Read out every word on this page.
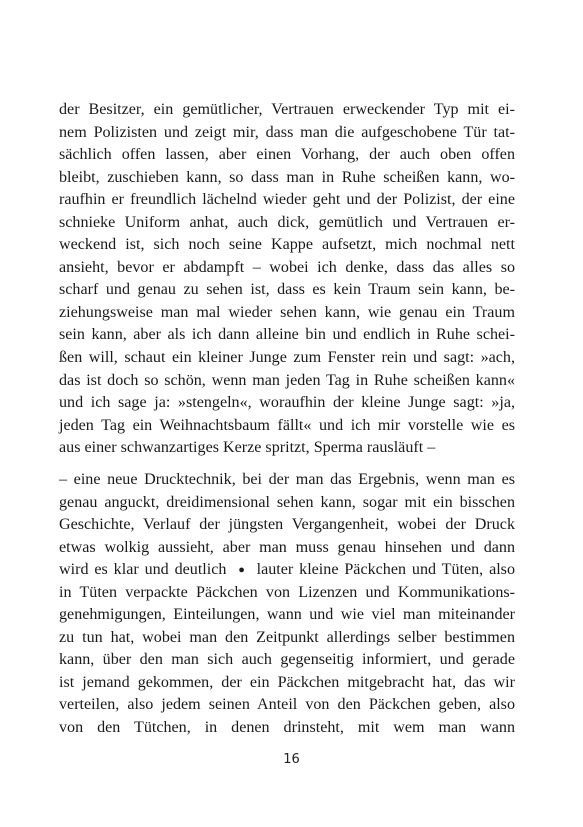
der Besitzer, ein gemütlicher, Vertrauen erweckender Typ mit ei-
nem Polizisten und zeigt mir, dass man die aufgeschobene Tür tat-
sächlich offen lassen, aber einen Vorhang, der auch oben offen
bleibt, zuschieben kann, so dass man in Ruhe scheißen kann, wo-
raufhin er freundlich lächelnd wieder geht und der Polizist, der eine
schnieke Uniform anhat, auch dick, gemütlich und Vertrauen er-
weckend ist, sich noch seine Kappe aufsetzt, mich nochmal nett
ansieht, bevor er abdampft – wobei ich denke, dass das alles so
scharf und genau zu sehen ist, dass es kein Traum sein kann, be-
ziehungsweise man mal wieder sehen kann, wie genau ein Traum
sein kann, aber als ich dann alleine bin und endlich in Ruhe schei-
ßen will, schaut ein kleiner Junge zum Fenster rein und sagt: »ach,
das ist doch so schön, wenn man jeden Tag in Ruhe scheißen kann«
und ich sage ja: »stengeln«, woraufhin der kleine Junge sagt: »ja,
jeden Tag ein Weihnachtsbaum fällt« und ich mir vorstelle wie es
aus einer schwanzartiges Kerze spritzt, Sperma rausläuft –
– eine neue Drucktechnik, bei der man das Ergebnis, wenn man es
genau anguckt, dreidimensional sehen kann, sogar mit ein bisschen
Geschichte, Verlauf der jüngsten Vergangenheit, wobei der Druck
etwas wolkig aussieht, aber man muss genau hinsehen und dann
wird es klar und deutlich ● lauter kleine Päckchen und Tüten, also
in Tüten verpackte Päckchen von Lizenzen und Kommunikations-
genehmigungen, Einteilungen, wann und wie viel man miteinander
zu tun hat, wobei man den Zeitpunkt allerdings selber bestimmen
kann, über den man sich auch gegenseitig informiert, und gerade
ist jemand gekommen, der ein Päckchen mitgebracht hat, das wir
verteilen, also jedem seinen Anteil von den Päckchen geben, also
von den Tütchen, in denen drinsteht, mit wem man wann
16
